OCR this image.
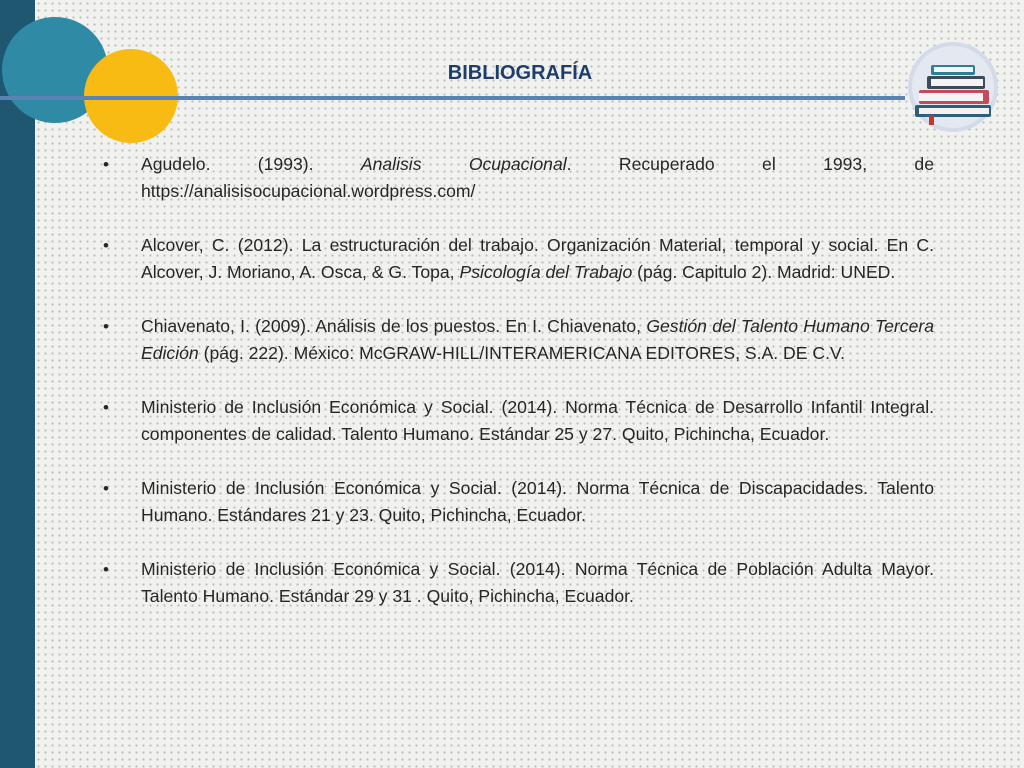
BIBLIOGRAFÍA
• Agudelo. (1993). Analisis Ocupacional. Recuperado el 1993, de https://analisisocupacional.wordpress.com/
• Alcover, C. (2012). La estructuración del trabajo. Organización Material, temporal y social. En C. Alcover, J. Moriano, A. Osca, & G. Topa, Psicología del Trabajo (pág. Capitulo 2). Madrid: UNED.
• Chiavenato, I. (2009). Análisis de los puestos. En I. Chiavenato, Gestión del Talento Humano Tercera Edición (pág. 222). México: McGRAW-HILL/INTERAMERICANA EDITORES, S.A. DE C.V.
• Ministerio de Inclusión Económica y Social. (2014). Norma Técnica de Desarrollo Infantil Integral. componentes de calidad. Talento Humano. Estándar 25 y 27. Quito, Pichincha, Ecuador.
• Ministerio de Inclusión Económica y Social. (2014). Norma Técnica de Discapacidades. Talento Humano. Estándares 21 y 23. Quito, Pichincha, Ecuador.
• Ministerio de Inclusión Económica y Social. (2014). Norma Técnica de Población Adulta Mayor. Talento Humano. Estándar 29 y 31 . Quito, Pichincha, Ecuador.
